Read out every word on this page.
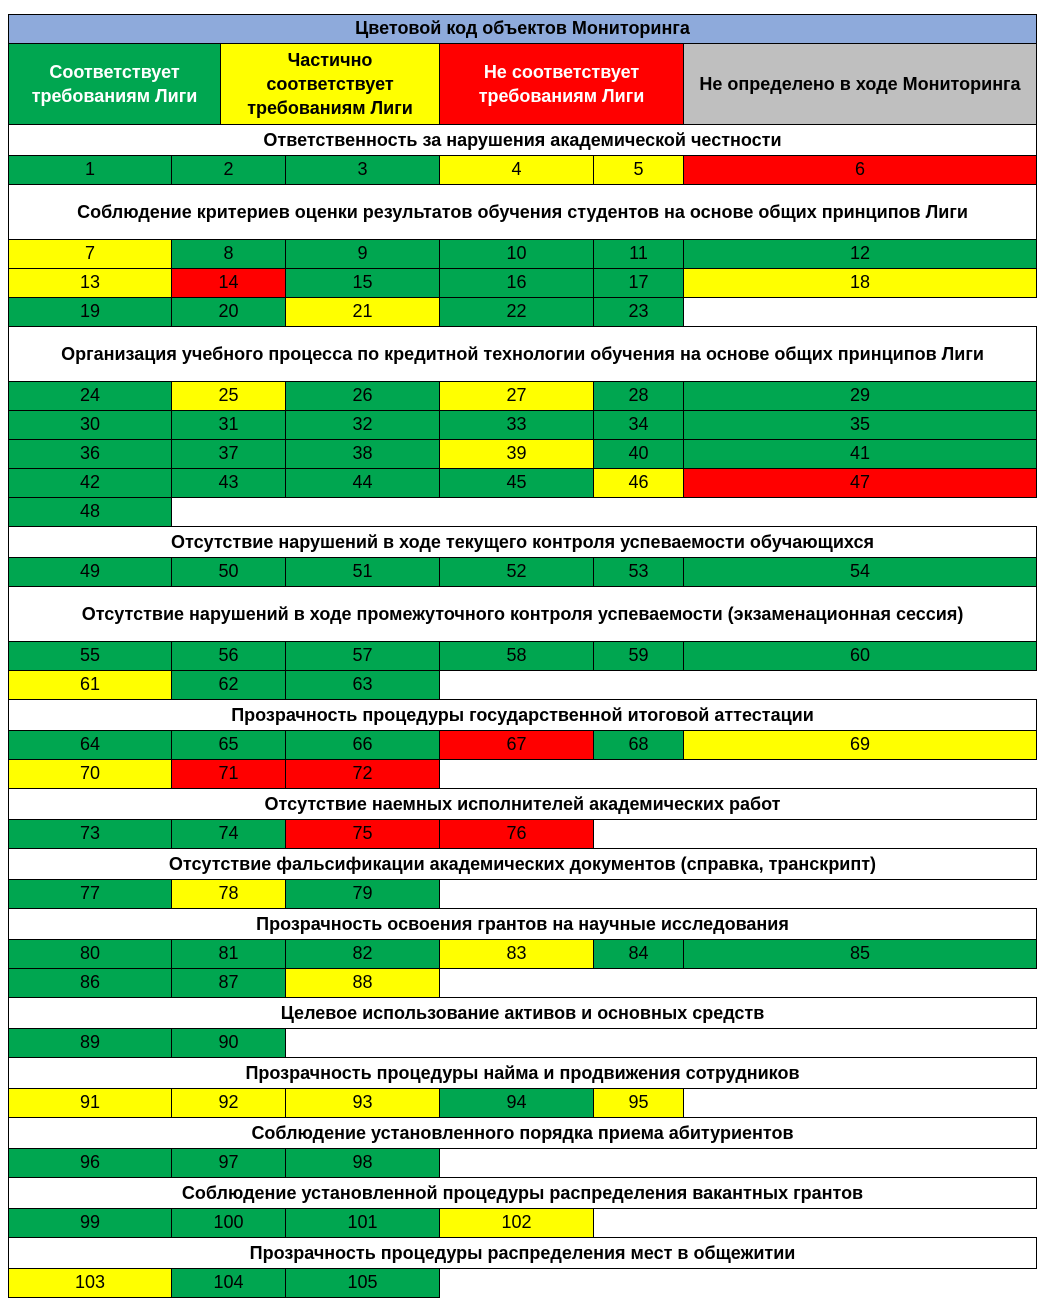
Цветовой код объектов Мониторинга
Соответствует требованиям Лиги
Частично соответствует требованиям Лиги
Не соответствует требованиям Лиги
Не определено в ходе Мониторинга
Ответственность за нарушения академической честности
1	2	3	4	5	6
Соблюдение критериев оценки результатов обучения студентов на основе общих принципов Лиги
7	8	9	10	11	12
13	14	15	16	17	18
19	20	21	22	23
Организация учебного процесса по кредитной технологии обучения на основе общих принципов Лиги
24	25	26	27	28	29
30	31	32	33	34	35
36	37	38	39	40	41
42	43	44	45	46	47
48
Отсутствие нарушений в ходе текущего контроля успеваемости обучающихся
49	50	51	52	53	54
Отсутствие нарушений в ходе промежуточного контроля успеваемости (экзаменационная сессия)
55	56	57	58	59	60
61	62	63
Прозрачность процедуры государственной итоговой аттестации
64	65	66	67	68	69
70	71	72
Отсутствие наемных исполнителей академических работ
73	74	75	76
Отсутствие фальсификации академических документов (справка, транскрипт)
77	78	79
Прозрачность освоения грантов на научные исследования
80	81	82	83	84	85
86	87	88
Целевое использование активов и основных средств
89	90
Прозрачность процедуры найма и продвижения сотрудников
91	92	93	94	95
Соблюдение установленного порядка приема абитуриентов
96	97	98
Соблюдение установленной процедуры распределения вакантных грантов
99	100	101	102
Прозрачность процедуры распределения мест в общежитии
103	104	105
